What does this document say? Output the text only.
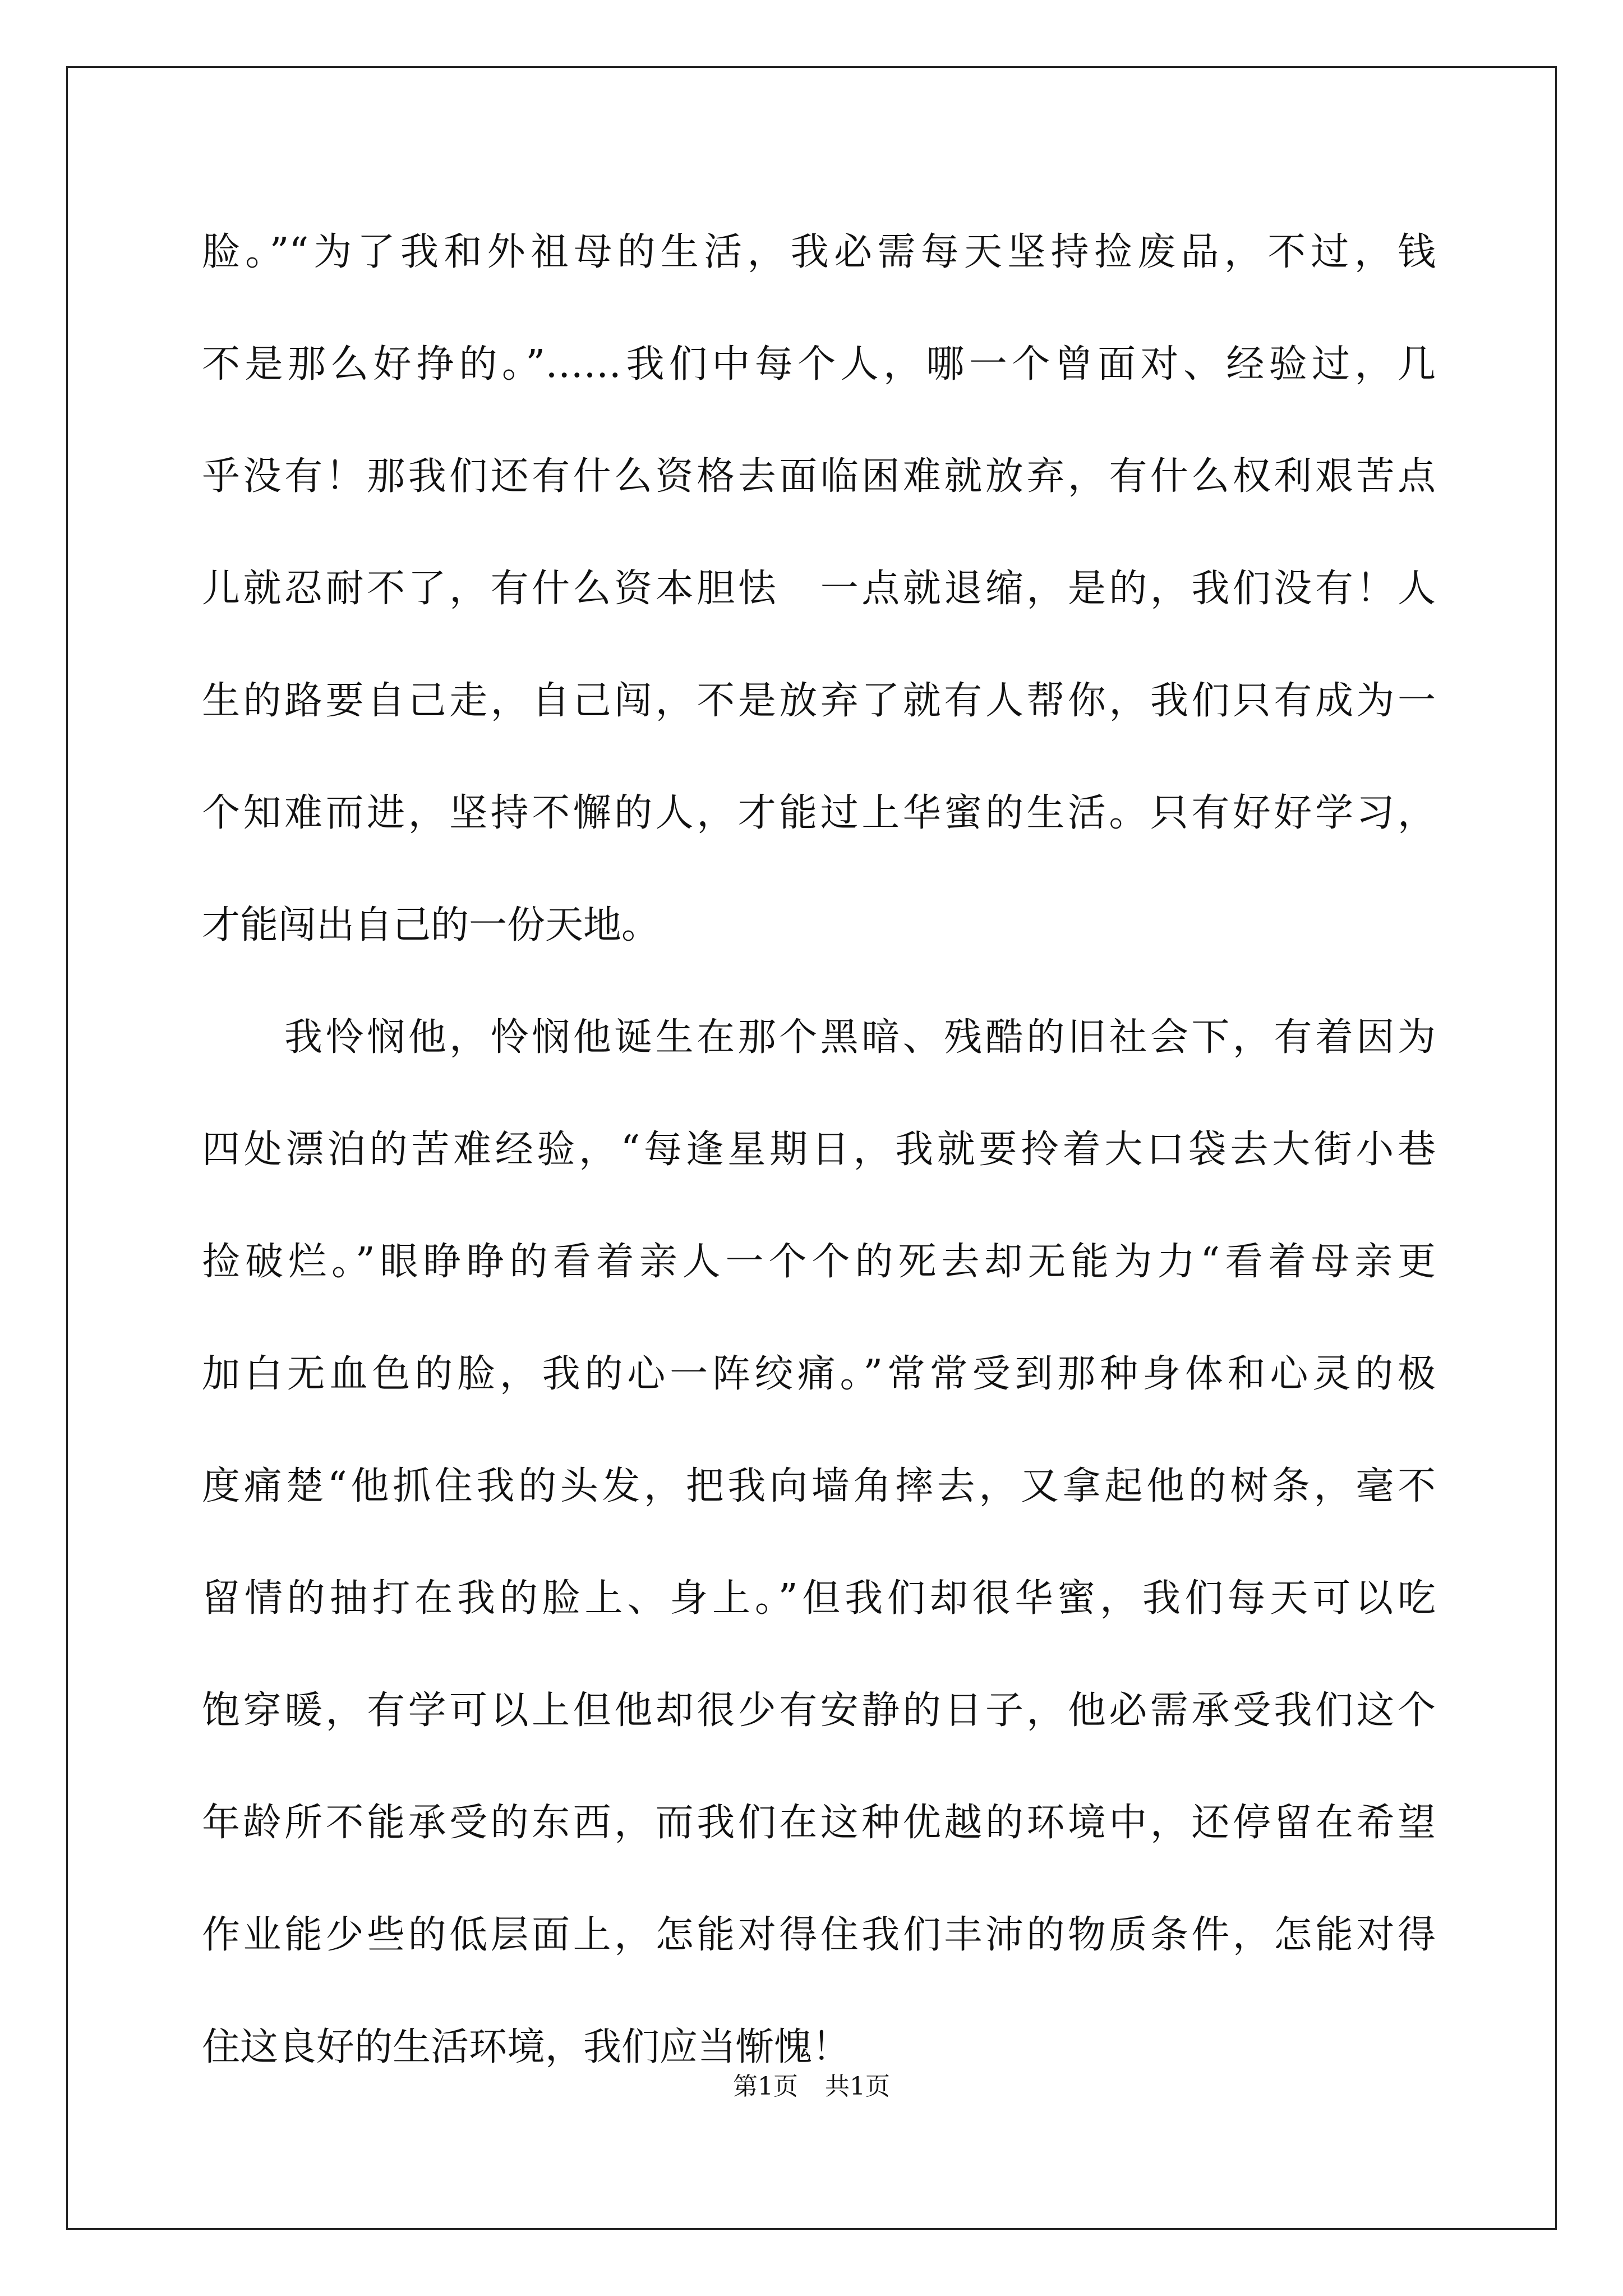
脸。”“为了我和外祖母的生活，我必需每天坚持捡废品，不过，钱
不是那么好挣的。”……我们中每个人，哪一个曾面对、经验过，几
乎没有！那我们还有什么资格去面临困难就放弃，有什么权利艰苦点
儿就忍耐不了，有什么资本胆怯　一点就退缩，是的，我们没有！人
生的路要自己走，自己闯，不是放弃了就有人帮你，我们只有成为一
个知难而进，坚持不懈的人，才能过上华蜜的生活。只有好好学习，
才能闯出自己的一份天地。
　　我怜悯他，怜悯他诞生在那个黑暗、残酷的旧社会下，有着因为
四处漂泊的苦难经验，“每逢星期日，我就要拎着大口袋去大街小巷
捡破烂。”眼睁睁的看着亲人一个个的死去却无能为力“看着母亲更
加白无血色的脸，我的心一阵绞痛。”常常受到那种身体和心灵的极
度痛楚“他抓住我的头发，把我向墙角摔去，又拿起他的树条，毫不
留情的抽打在我的脸上、身上。”但我们却很华蜜，我们每天可以吃
饱穿暖，有学可以上但他却很少有安静的日子，他必需承受我们这个
年龄所不能承受的东西，而我们在这种优越的环境中，还停留在希望
作业能少些的低层面上，怎能对得住我们丰沛的物质条件，怎能对得
住这良好的生活环境，我们应当惭愧！
第1页 共1页
